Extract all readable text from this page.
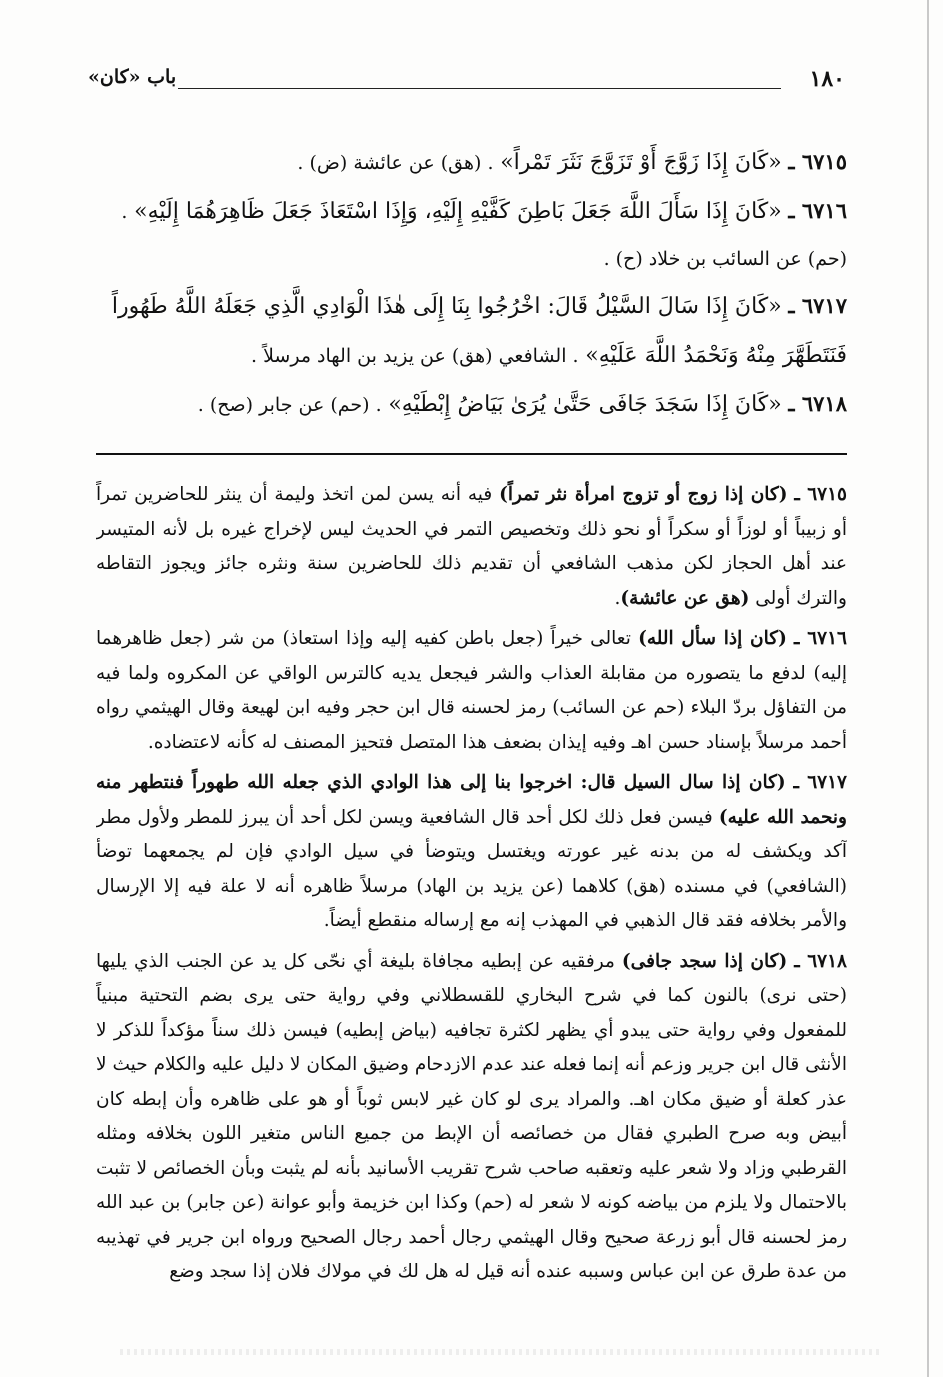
١٨٠
باب «كان»

٦٧١٥ ـ «كَانَ إِذَا زَوَّجَ أَوْ تَزَوَّجَ نَثَرَ تَمْراً» . (هق) عن عائشة (ض) .

٦٧١٦ ـ «كَانَ إِذَا سَأَلَ اللَّهَ جَعَلَ بَاطِنَ كَفَّيْهِ إِلَيْهِ، وَإِذَا اسْتَعَاذَ جَعَلَ ظَاهِرَهُمَا إِلَيْهِ» .

(حم) عن السائب بن خلاد (ح) .

٦٧١٧ ـ «كَانَ إِذَا سَالَ السَّيْلُ قَالَ: اخْرُجُوا بِنَا إِلَى هٰذَا الْوَادِي الَّذِي جَعَلَهُ اللَّهُ طَهُوراً فَنَتَطَهَّرَ مِنْهُ وَنَحْمَدُ اللَّهَ عَلَيْهِ» . الشافعي (هق) عن يزيد بن الهاد مرسلاً .

٦٧١٨ ـ «كَانَ إِذَا سَجَدَ جَافَى حَتَّىٰ يُرَىٰ بَيَاضُ إِبْطَيْهِ» . (حم) عن جابر (صح) .

٦٧١٥ ـ (كان إذا زوج أو تزوج امرأة نثر تمراً) فيه أنه يسن لمن اتخذ وليمة أن ينثر للحاضرين تمراً أو زبيباً أو لوزاً أو سكراً أو نحو ذلك وتخصيص التمر في الحديث ليس لإخراج غيره بل لأنه المتيسر عند أهل الحجاز لكن مذهب الشافعي أن تقديم ذلك للحاضرين سنة ونثره جائز ويجوز التقاطه والترك أولى (هق عن عائشة).

٦٧١٦ ـ (كان إذا سأل الله) تعالى خيراً (جعل باطن كفيه إليه وإذا استعاذ) من شر (جعل ظاهرهما إليه) لدفع ما يتصوره من مقابلة العذاب والشر فيجعل يديه كالترس الواقي عن المكروه ولما فيه من التفاؤل بردّ البلاء (حم عن السائب) رمز لحسنه قال ابن حجر وفيه ابن لهيعة وقال الهيثمي رواه أحمد مرسلاً بإسناد حسن اهـ وفيه إيذان بضعف هذا المتصل فتحيز المصنف له كأنه لاعتضاده.

٦٧١٧ ـ (كان إذا سال السيل قال: اخرجوا بنا إلى هذا الوادي الذي جعله الله طهوراً فنتطهر منه ونحمد الله عليه) فيسن فعل ذلك لكل أحد قال الشافعية ويسن لكل أحد أن يبرز للمطر ولأول مطر آكد ويكشف له من بدنه غير عورته ويغتسل ويتوضأ في سيل الوادي فإن لم يجمعهما توضأ (الشافعي) في مسنده (هق) كلاهما (عن يزيد بن الهاد) مرسلاً ظاهره أنه لا علة فيه إلا الإرسال والأمر بخلافه فقد قال الذهبي في المهذب إنه مع إرساله منقطع أيضاً.

٦٧١٨ ـ (كان إذا سجد جافى) مرفقيه عن إبطيه مجافاة بليغة أي نحّى كل يد عن الجنب الذي يليها (حتى نرى) بالنون كما في شرح البخاري للقسطلاني وفي رواية حتى يرى بضم التحتية مبنياً للمفعول وفي رواية حتى يبدو أي يظهر لكثرة تجافيه (بياض إبطيه) فيسن ذلك سناً مؤكداً للذكر لا الأنثى قال ابن جرير وزعم أنه إنما فعله عند عدم الازدحام وضيق المكان لا دليل عليه والكلام حيث لا عذر كعلة أو ضيق مكان اهـ. والمراد يرى لو كان غير لابس ثوباً أو هو على ظاهره وأن إبطه كان أبيض وبه صرح الطبري فقال من خصائصه أن الإبط من جميع الناس متغير اللون بخلافه ومثله القرطبي وزاد ولا شعر عليه وتعقبه صاحب شرح تقريب الأسانيد بأنه لم يثبت وبأن الخصائص لا تثبت بالاحتمال ولا يلزم من بياضه كونه لا شعر له (حم) وكذا ابن خزيمة وأبو عوانة (عن جابر) بن عبد الله رمز لحسنه قال أبو زرعة صحيح وقال الهيثمي رجال أحمد رجال الصحيح ورواه ابن جرير في تهذيبه من عدة طرق عن ابن عباس وسببه عنده أنه قيل له هل لك في مولاك فلان إذا سجد وضع
